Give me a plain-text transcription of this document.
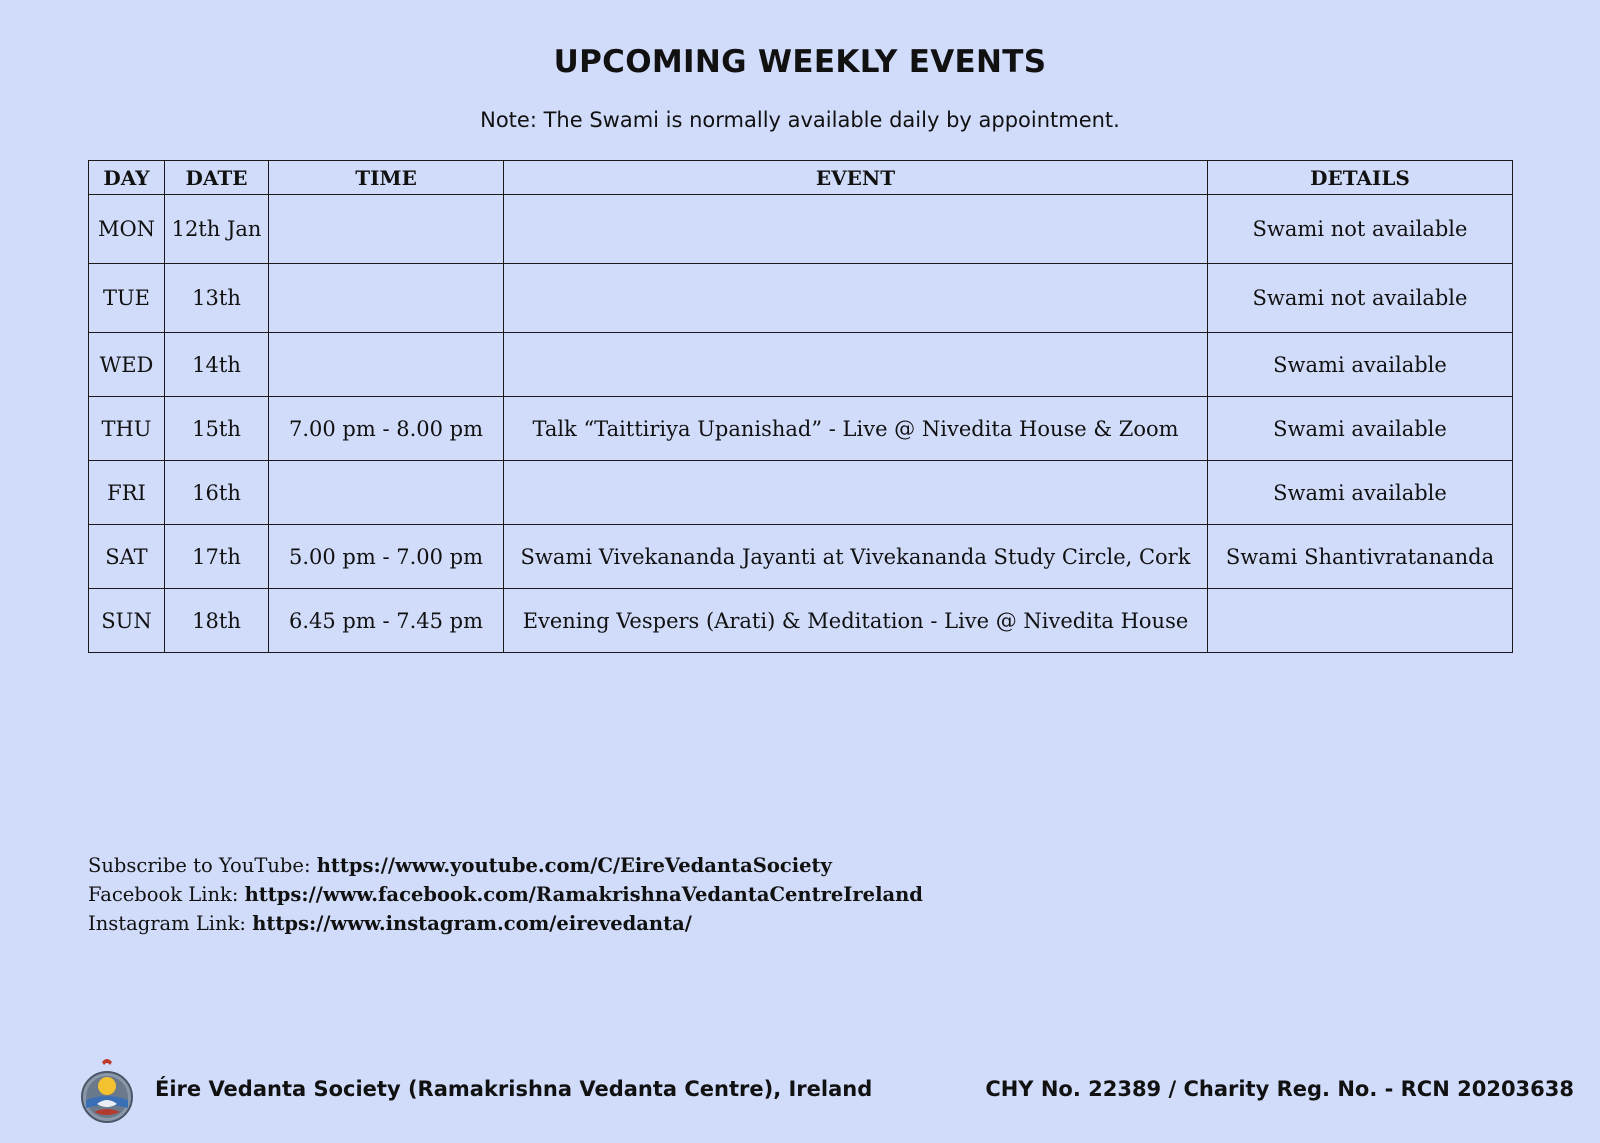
UPCOMING WEEKLY EVENTS

Note: The Swami is normally available daily by appointment.

DAY	DATE	TIME	EVENT	DETAILS
MON	12th Jan			Swami not available
TUE	13th			Swami not available
WED	14th			Swami available
THU	15th	7.00 pm - 8.00 pm	Talk “Taittiriya Upanishad” - Live @ Nivedita House & Zoom	Swami available
FRI	16th			Swami available
SAT	17th	5.00 pm - 7.00 pm	Swami Vivekananda Jayanti at Vivekananda Study Circle, Cork	Swami Shantivratananda
SUN	18th	6.45 pm - 7.45 pm	Evening Vespers (Arati) & Meditation - Live @ Nivedita House	
Subscribe to YouTube: https://www.youtube.com/C/EireVedantaSociety
Facebook Link: https://www.facebook.com/RamakrishnaVedantaCentreIreland
Instagram Link: https://www.instagram.com/eirevedanta/
Éire Vedanta Society (Ramakrishna Vedanta Centre), Ireland	CHY No. 22389 / Charity Reg. No. - RCN 20203638
